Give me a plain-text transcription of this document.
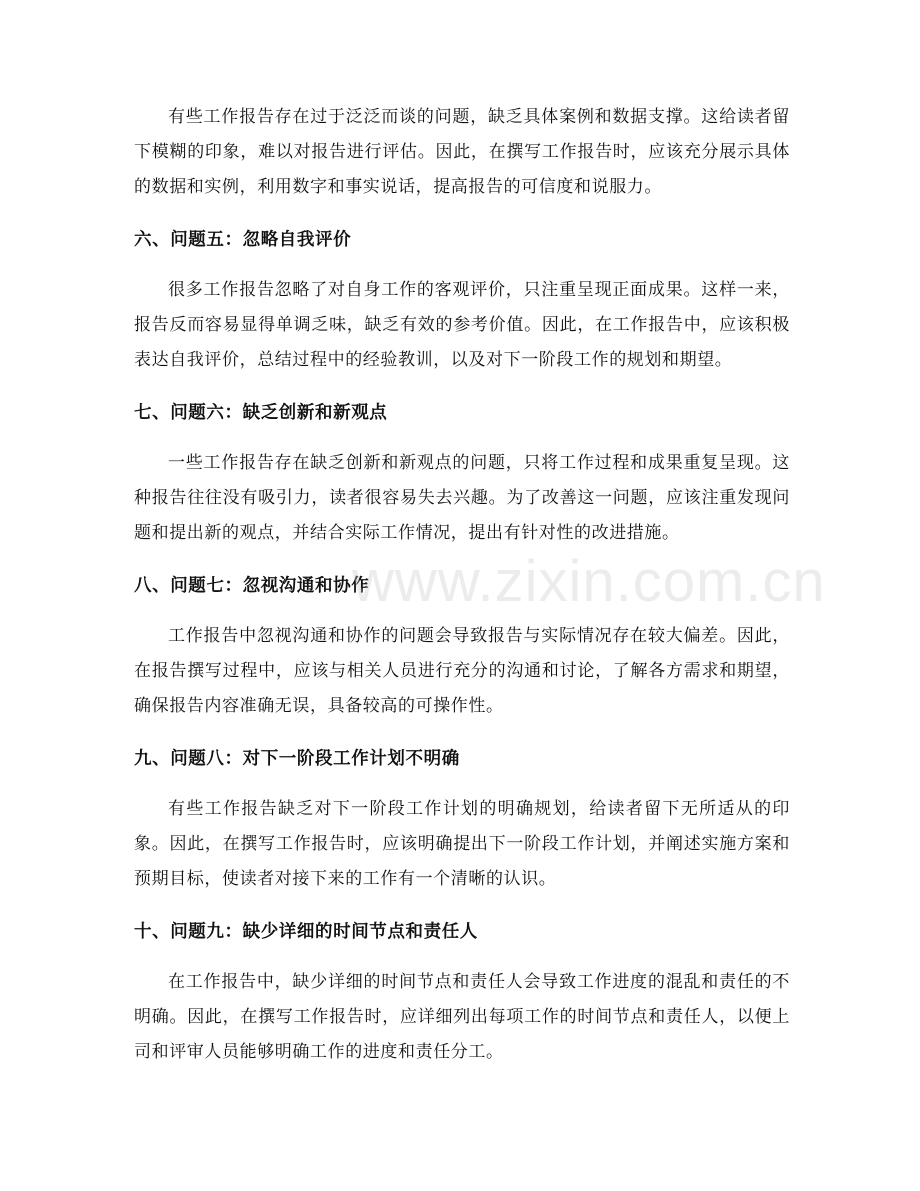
有些工作报告存在过于泛泛而谈的问题，缺乏具体案例和数据支撑。这给读者留下模糊的印象，难以对报告进行评估。因此，在撰写工作报告时，应该充分展示具体的数据和实例，利用数字和事实说话，提高报告的可信度和说服力。

六、问题五：忽略自我评价

很多工作报告忽略了对自身工作的客观评价，只注重呈现正面成果。这样一来，报告反而容易显得单调乏味，缺乏有效的参考价值。因此，在工作报告中，应该积极表达自我评价，总结过程中的经验教训，以及对下一阶段工作的规划和期望。

七、问题六：缺乏创新和新观点

一些工作报告存在缺乏创新和新观点的问题，只将工作过程和成果重复呈现。这种报告往往没有吸引力，读者很容易失去兴趣。为了改善这一问题，应该注重发现问题和提出新的观点，并结合实际工作情况，提出有针对性的改进措施。

八、问题七：忽视沟通和协作

工作报告中忽视沟通和协作的问题会导致报告与实际情况存在较大偏差。因此，在报告撰写过程中，应该与相关人员进行充分的沟通和讨论，了解各方需求和期望，确保报告内容准确无误，具备较高的可操作性。

九、问题八：对下一阶段工作计划不明确

有些工作报告缺乏对下一阶段工作计划的明确规划，给读者留下无所适从的印象。因此，在撰写工作报告时，应该明确提出下一阶段工作计划，并阐述实施方案和预期目标，使读者对接下来的工作有一个清晰的认识。

十、问题九：缺少详细的时间节点和责任人

在工作报告中，缺少详细的时间节点和责任人会导致工作进度的混乱和责任的不明确。因此，在撰写工作报告时，应详细列出每项工作的时间节点和责任人，以便上司和评审人员能够明确工作的进度和责任分工。

www.zixin.com.cn
